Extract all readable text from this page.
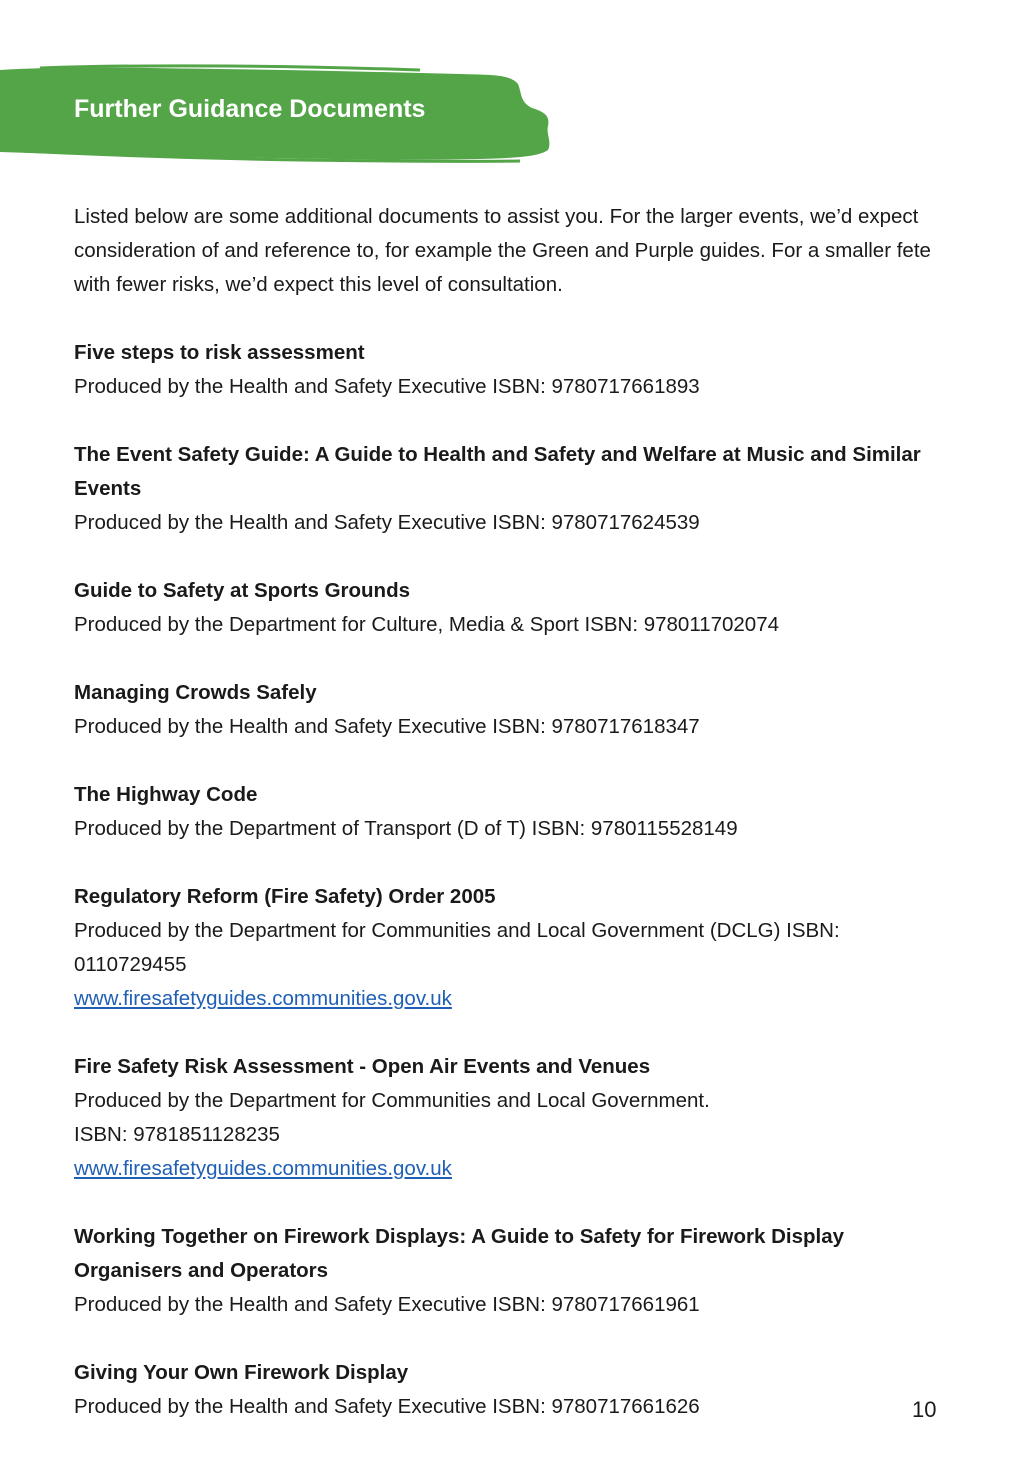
Further Guidance Documents

Listed below are some additional documents to assist you. For the larger events, we’d expect consideration of and reference to, for example the Green and Purple guides. For a smaller fete with fewer risks, we’d expect this level of consultation.

Five steps to risk assessment
Produced by the Health and Safety Executive ISBN: 9780717661893
The Event Safety Guide: A Guide to Health and Safety and Welfare at Music and Similar Events
Produced by the Health and Safety Executive ISBN: 9780717624539
Guide to Safety at Sports Grounds
Produced by the Department for Culture, Media & Sport ISBN: 978011702074
Managing Crowds Safely
Produced by the Health and Safety Executive ISBN: 9780717618347
The Highway Code
Produced by the Department of Transport (D of T) ISBN: 9780115528149
Regulatory Reform (Fire Safety) Order 2005
Produced by the Department for Communities and Local Government (DCLG) ISBN: 0110729455
www.firesafetyguides.communities.gov.uk
Fire Safety Risk Assessment - Open Air Events and Venues
Produced by the Department for Communities and Local Government.
ISBN: 9781851128235
www.firesafetyguides.communities.gov.uk
Working Together on Firework Displays: A Guide to Safety for Firework Display Organisers and Operators
Produced by the Health and Safety Executive ISBN: 9780717661961
Giving Your Own Firework Display
Produced by the Health and Safety Executive ISBN: 9780717661626	10
